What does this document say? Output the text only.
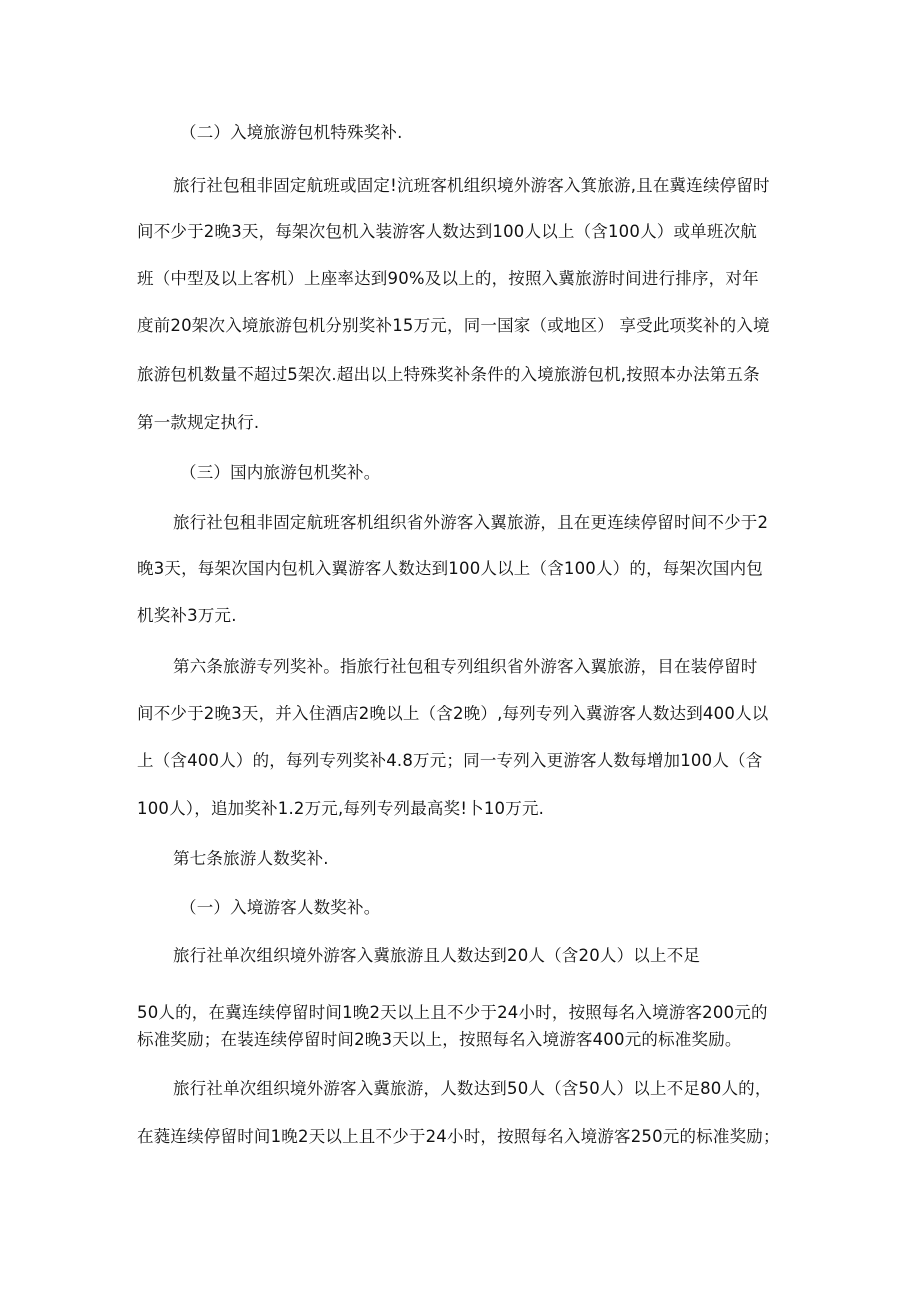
（二）入境旅游包机特殊奖补.
旅行社包租非固定航班或固定!沆班客机组织境外游客入箕旅游,且在冀连续停留时
间不少于2晚3天，每架次包机入装游客人数达到100人以上（含100人）或单班次航
班（中型及以上客机）上座率达到90%及以上的，按照入冀旅游时间进行排序，对年
度前20架次入境旅游包机分别奖补15万元，同一国家（或地区） 享受此项奖补的入境
旅游包机数量不超过5架次.超出以上特殊奖补条件的入境旅游包机,按照本办法第五条
第一款规定执行.
（三）国内旅游包机奖补。
旅行社包租非固定航班客机组织省外游客入翼旅游，且在更连续停留时间不少于2
晚3天，每架次国内包机入翼游客人数达到100人以上（含100人）的，每架次国内包
机奖补3万元.
第六条旅游专列奖补。指旅行社包租专列组织省外游客入翼旅游，目在装停留时
间不少于2晚3天，并入住酒店2晚以上（含2晚）,每列专列入冀游客人数达到400人以
上（含400人）的，每列专列奖补4.8万元；同一专列入更游客人数每增加100人（含
100人），追加奖补1.2万元,每列专列最高奖!卜10万元.
第七条旅游人数奖补.
（一）入境游客人数奖补。
旅行社单次组织境外游客入冀旅游且人数达到20人（含20人）以上不足
50人的，在冀连续停留时间1晚2天以上且不少于24小时，按照每名入境游客200元的
标准奖励；在装连续停留时间2晚3天以上，按照每名入境游客400元的标准奖励。
旅行社单次组织境外游客入冀旅游，人数达到50人（含50人）以上不足80人的，
在蕤连续停留时间1晚2天以上且不少于24小时，按照每名入境游客250元的标准奖励；
